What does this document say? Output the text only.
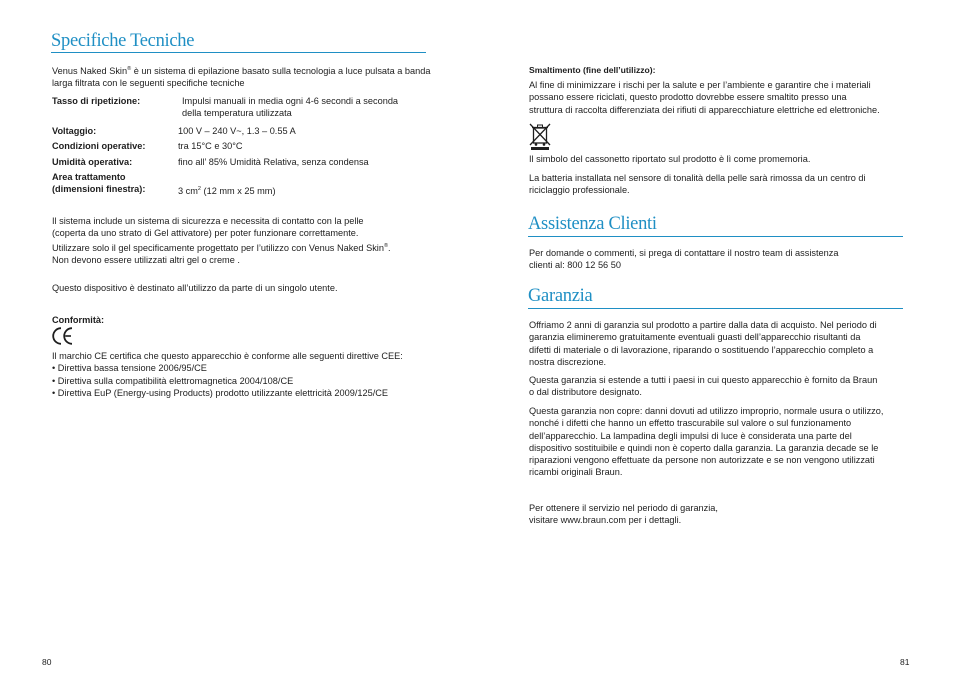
Specifiche Tecniche
Venus Naked Skin® è un sistema di epilazione basato sulla tecnologia a luce pulsata a banda larga filtrata con le seguenti specifiche tecniche
Tasso di ripetizione:	Impulsi manuali in media ogni 4-6 secondi a seconda
della temperatura utilizzata
Voltaggio:	100 V – 240 V~, 1.3 – 0.55 A
Condizioni operative:	tra 15°C e 30°C
Umidità operativa:	fino all’ 85% Umidità Relativa, senza condensa
Area trattamento
(dimensioni finestra):	3 $cm^2$ (12 mm x 25 mm)

Il sistema include un sistema di sicurezza e necessita di contatto con la pelle

(coperta da uno strato di Gel attivatore) per poter funzionare correttamente.

Utilizzare solo il gel specificamente progettato per l’utilizzo con Venus Naked Skin®.

Non devono essere utilizzati altri gel o creme .

Questo dispositivo è destinato all’utilizzo da parte di un singolo utente.
Conformità:

Il marchio CE certifica che questo apparecchio è conforme alle seguenti direttive CEE:

• Direttiva bassa tensione 2006/95/CE
• Direttiva sulla compatibilità elettromagnetica 2004/108/CE
• Direttiva EuP (Energy-using Products) prodotto utilizzante elettricità 2009/125/CE
80
Smaltimento (fine dell’utilizzo):

Al fine di minimizzare i rischi per la salute e per l’ambiente e garantire che i materiali

possano essere riciclati, questo prodotto dovrebbe essere smaltito presso una

struttura di raccolta differenziata dei rifiuti di apparecchiature elettriche ed elettroniche.

Il simbolo del cassonetto riportato sul prodotto è lì come promemoria.

La batteria installata nel sensore di tonalità della pelle sarà rimossa da un centro di

riciclaggio professionale.

Assistenza Clienti

Per domande o commenti, si prega di contattare il nostro team di assistenza

clienti al: 800 12 56 50

Garanzia

Offriamo 2 anni di garanzia sul prodotto a partire dalla data di acquisto. Nel periodo di

garanzia elimineremo gratuitamente eventuali guasti dell’apparecchio risultanti da

difetti di materiale o di lavorazione, riparando o sostituendo l’apparecchio completo a

nostra discrezione.

Questa garanzia si estende a tutti i paesi in cui questo apparecchio è fornito da Braun

o dal distributore designato.

Questa garanzia non copre: danni dovuti ad utilizzo improprio, normale usura o utilizzo,

nonché i difetti che hanno un effetto trascurabile sul valore o sul funzionamento

dell’apparecchio. La lampadina degli impulsi di luce è considerata una parte del

dispositivo sostituibile e quindi non è coperto dalla garanzia. La garanzia decade se le

riparazioni vengono effettuate da persone non autorizzate e se non vengono utilizzati

ricambi originali Braun.

Per ottenere il servizio nel periodo di garanzia,

visitare www.braun.com per i dettagli.

81
